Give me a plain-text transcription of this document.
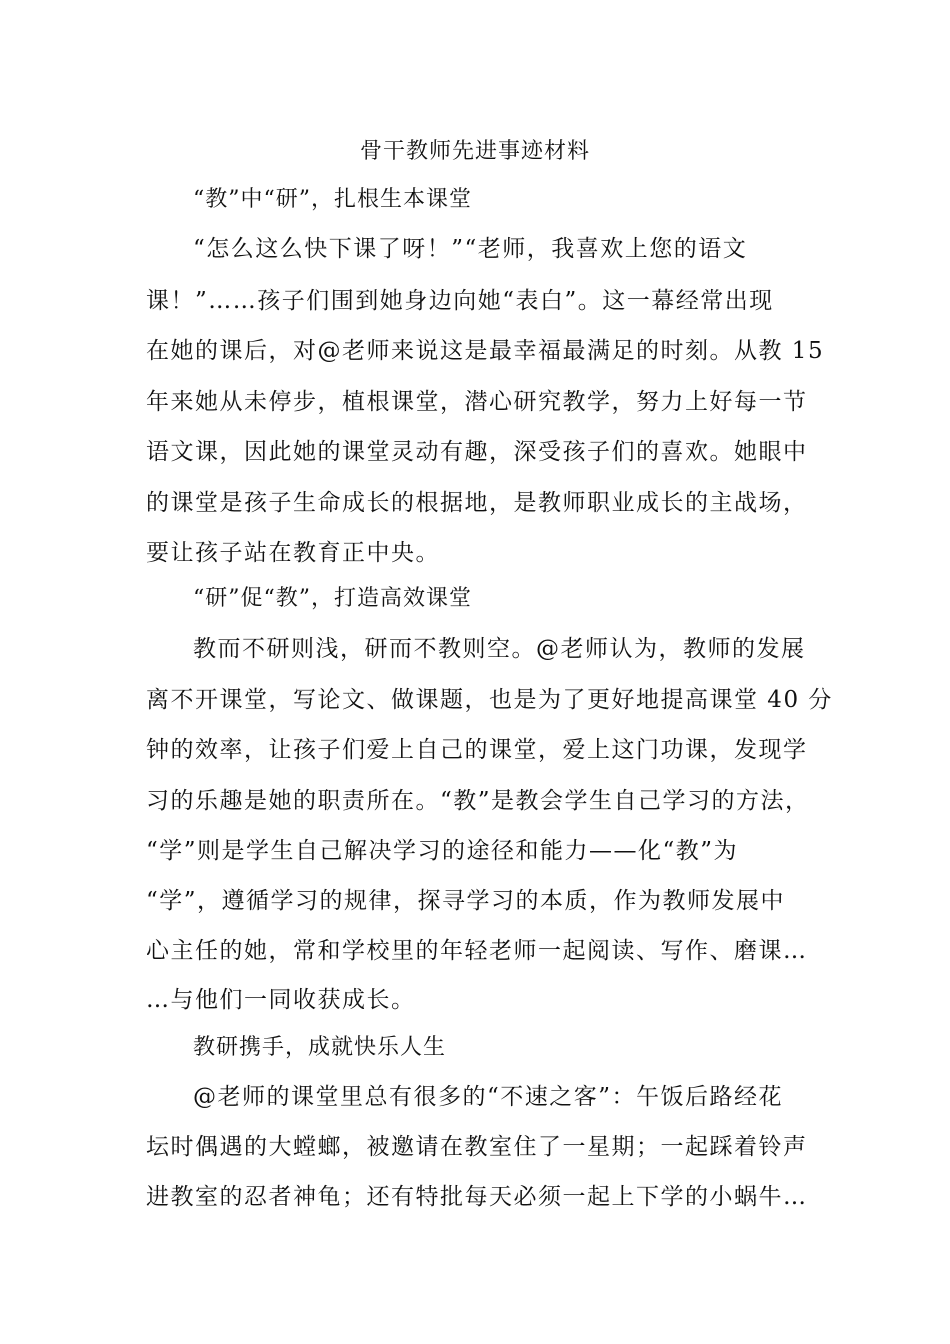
骨干教师先进事迹材料
“教”中“研”，扎根生本课堂
“怎么这么快下课了呀！”“老师，我喜欢上您的语文
课！”……孩子们围到她身边向她“表白”。这一幕经常出现
在她的课后，对@老师来说这是最幸福最满足的时刻。从教 15
年来她从未停步，植根课堂，潜心研究教学，努力上好每一节
语文课，因此她的课堂灵动有趣，深受孩子们的喜欢。她眼中
的课堂是孩子生命成长的根据地，是教师职业成长的主战场，
要让孩子站在教育正中央。
“研”促“教”，打造高效课堂
教而不研则浅，研而不教则空。@老师认为，教师的发展
离不开课堂，写论文、做课题，也是为了更好地提高课堂 40 分
钟的效率，让孩子们爱上自己的课堂，爱上这门功课，发现学
习的乐趣是她的职责所在。“教”是教会学生自己学习的方法，
“学”则是学生自己解决学习的途径和能力——化“教”为
“学”，遵循学习的规律，探寻学习的本质，作为教师发展中
心主任的她，常和学校里的年轻老师一起阅读、写作、磨课…
…与他们一同收获成长。
教研携手，成就快乐人生
@老师的课堂里总有很多的“不速之客”：午饭后路经花
坛时偶遇的大螳螂，被邀请在教室住了一星期；一起踩着铃声
进教室的忍者神龟；还有特批每天必须一起上下学的小蜗牛…
